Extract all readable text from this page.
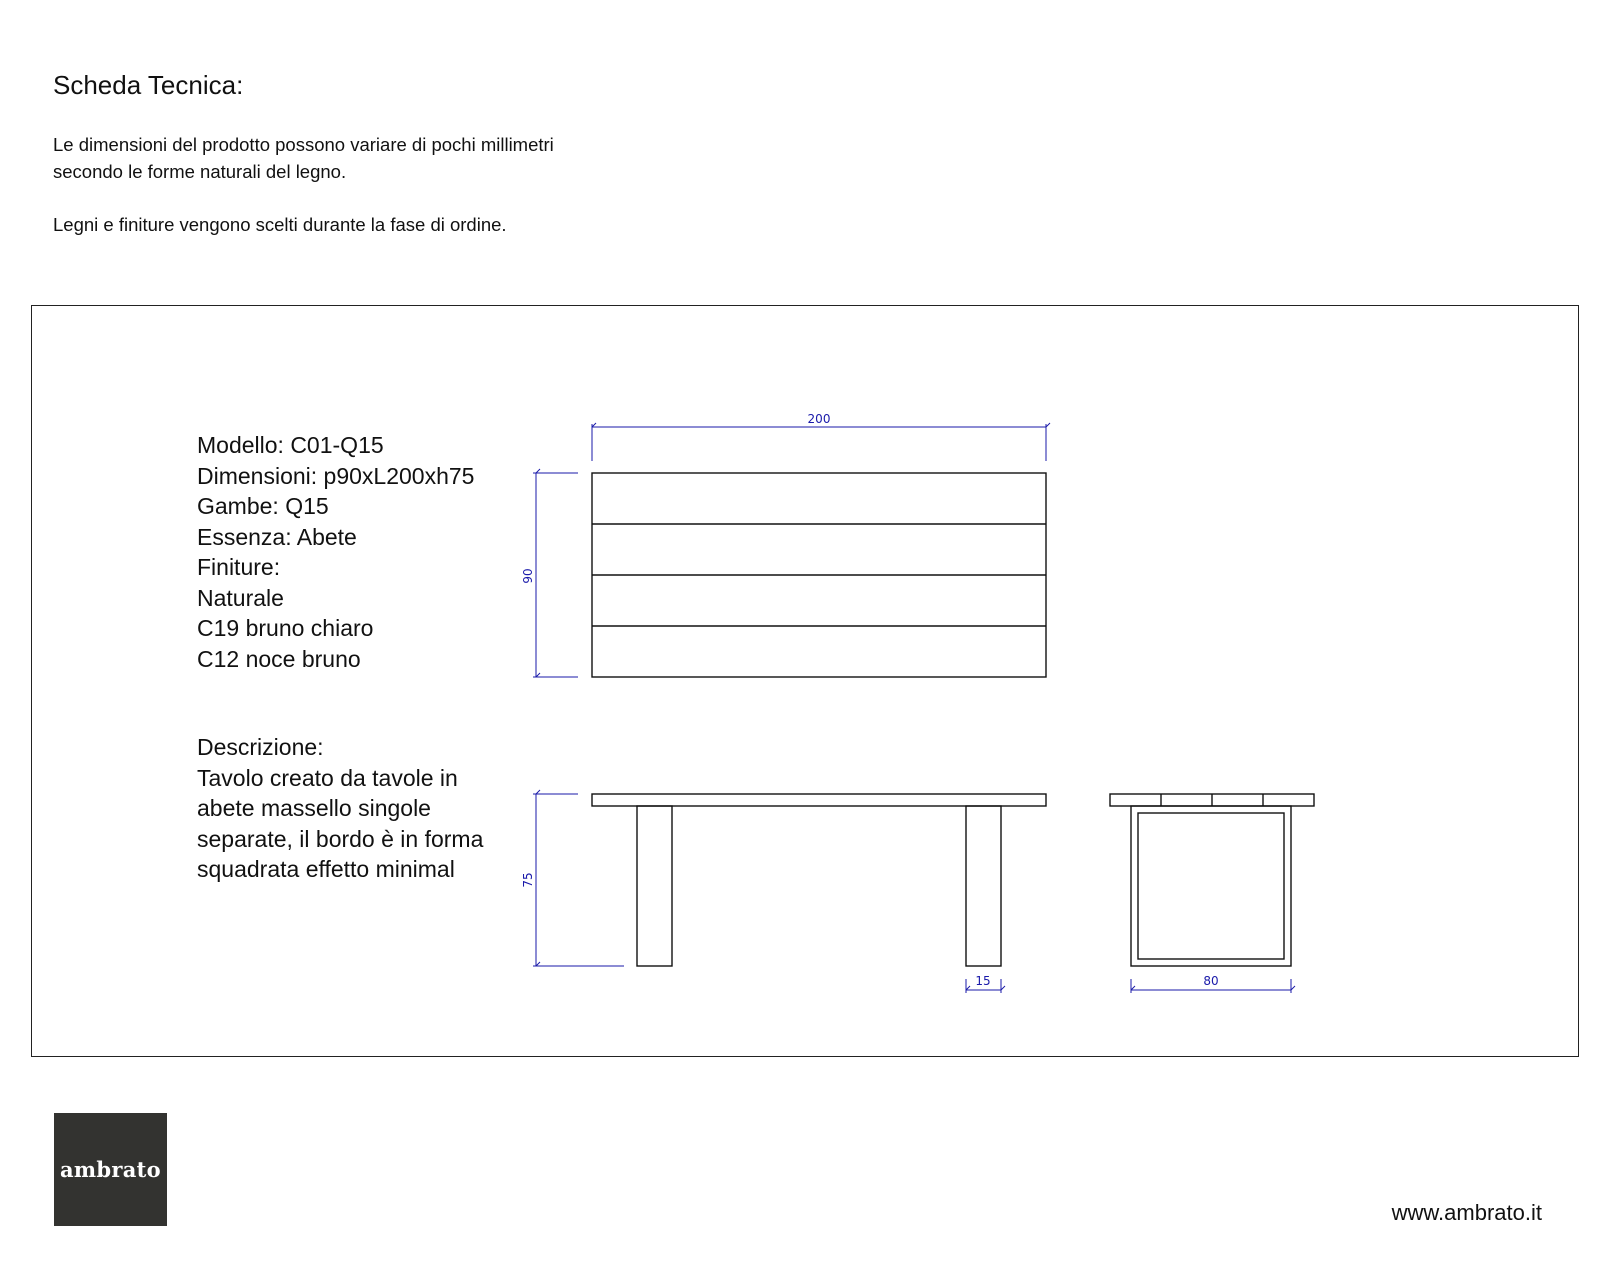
Scheda Tecnica:
Le dimensioni del prodotto possono variare di pochi millimetri
secondo le forme naturali del legno.
Legni e finiture vengono scelti durante la fase di ordine.
Modello: C01-Q15
Dimensioni: p90xL200xh75
Gambe: Q15
Essenza: Abete
Finiture:
Naturale
C19 bruno chiaro
C12 noce bruno
Descrizione:
Tavolo creato da tavole in
abete massello singole
separate, il bordo è in forma
squadrata effetto minimal
200
90
75
15	80
ambrato
www.ambrato.it
